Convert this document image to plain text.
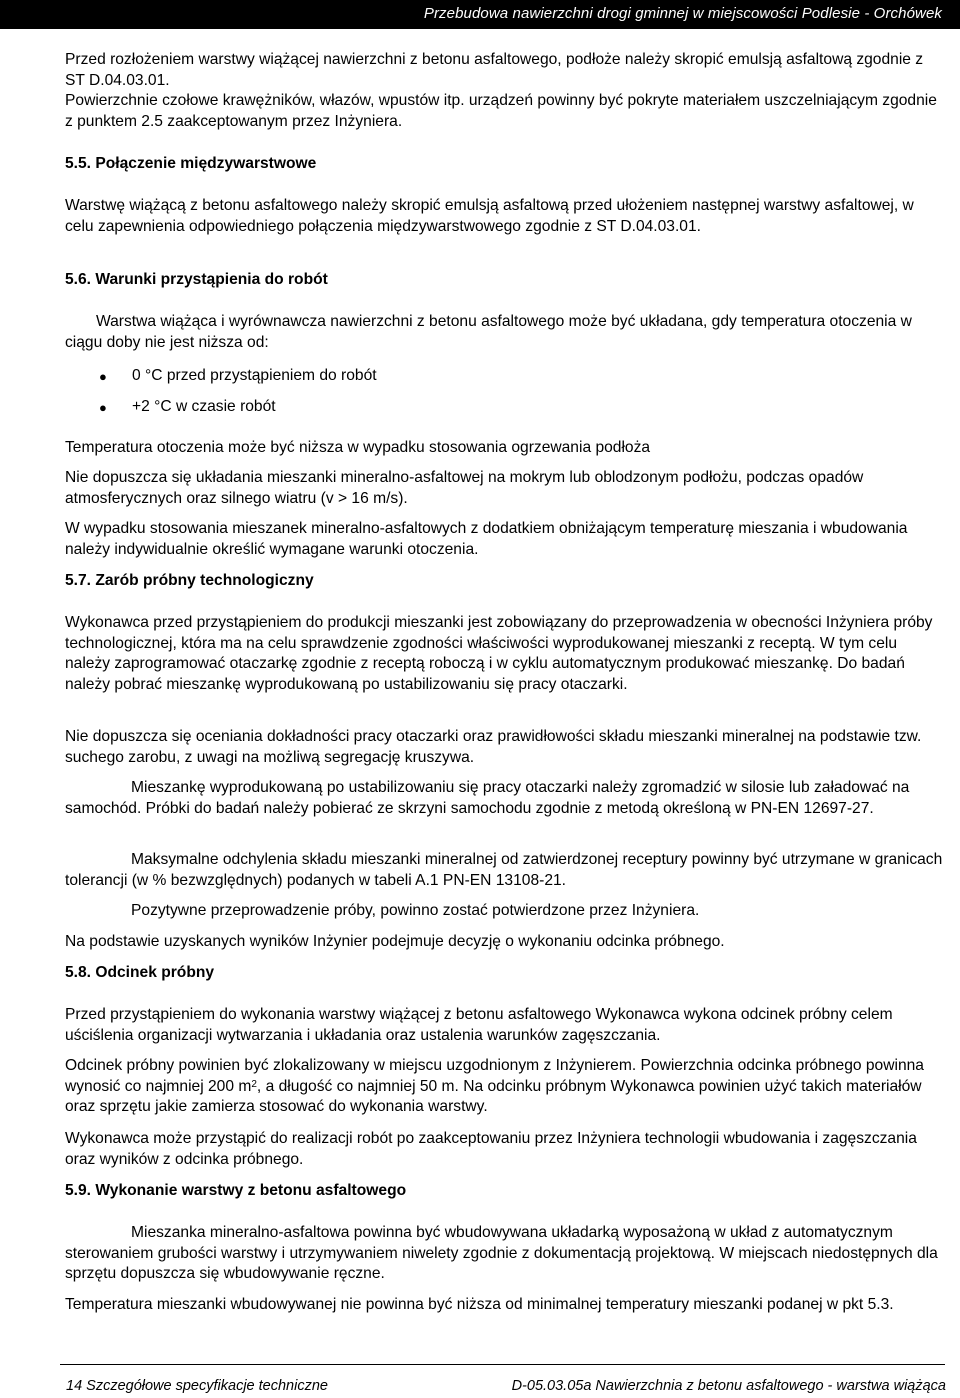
Przebudowa nawierzchni drogi gminnej w miejscowości Podlesie - Orchówek

Przed rozłożeniem warstwy wiążącej nawierzchni z betonu asfaltowego, podłoże należy skropić emulsją asfaltową zgodnie z ST D.04.03.01.

Powierzchnie czołowe krawężników, włazów, wpustów itp. urządzeń powinny być pokryte materiałem uszczelniającym zgodnie z punktem 2.5 zaakceptowanym przez Inżyniera.

5.5. Połączenie międzywarstwowe

Warstwę wiążącą z betonu asfaltowego należy skropić emulsją asfaltową przed ułożeniem następnej warstwy asfaltowej, w celu zapewnienia odpowiedniego połączenia międzywarstwowego zgodnie z ST D.04.03.01.

5.6. Warunki przystąpienia do robót

Warstwa wiążąca i wyrównawcza nawierzchni z betonu asfaltowego może być układana, gdy temperatura otoczenia w ciągu doby nie jest niższa od:

● 0 °C przed przystąpieniem do robót
● +2 °C w czasie robót

Temperatura otoczenia może być niższa w wypadku stosowania ogrzewania podłoża

Nie dopuszcza się układania mieszanki mineralno-asfaltowej na mokrym lub oblodzonym podłożu, podczas opadów atmosferycznych oraz silnego wiatru (v > 16 m/s).

W wypadku stosowania mieszanek mineralno-asfaltowych z dodatkiem obniżającym temperaturę mieszania i wbudowania należy indywidualnie określić wymagane warunki otoczenia.

5.7. Zarób próbny technologiczny

Wykonawca przed przystąpieniem do produkcji mieszanki jest zobowiązany do przeprowadzenia w obecności Inżyniera próby technologicznej, która ma na celu sprawdzenie zgodności właściwości wyprodukowanej mieszanki z receptą. W tym celu należy zaprogramować otaczarkę zgodnie z receptą roboczą i w cyklu automatycznym produkować mieszankę. Do badań należy pobrać mieszankę wyprodukowaną po ustabilizowaniu się pracy otaczarki.

Nie dopuszcza się oceniania dokładności pracy otaczarki oraz prawidłowości składu mieszanki mineralnej na podstawie tzw. suchego zarobu, z uwagi na możliwą segregację kruszywa.

Mieszankę wyprodukowaną po ustabilizowaniu się pracy otaczarki należy zgromadzić w silosie lub załadować na samochód. Próbki do badań należy pobierać ze skrzyni samochodu zgodnie z metodą określoną w PN-EN 12697-27.

Maksymalne odchylenia składu mieszanki mineralnej od zatwierdzonej receptury powinny być utrzymane w granicach tolerancji (w % bezwzględnych) podanych w tabeli A.1 PN-EN 13108-21.

Pozytywne przeprowadzenie próby, powinno zostać potwierdzone przez Inżyniera.

Na podstawie uzyskanych wyników Inżynier podejmuje decyzję o wykonaniu odcinka próbnego.

5.8. Odcinek próbny

Przed przystąpieniem do wykonania warstwy wiążącej z betonu asfaltowego Wykonawca wykona odcinek próbny celem uściślenia organizacji wytwarzania i układania oraz ustalenia warunków zagęszczania.

Odcinek próbny powinien być zlokalizowany w miejscu uzgodnionym z Inżynierem. Powierzchnia odcinka próbnego powinna wynosić co najmniej 200 $m^2$, a długość co najmniej 50 m. Na odcinku próbnym Wykonawca powinien użyć takich materiałów oraz sprzętu jakie zamierza stosować do wykonania warstwy.

Wykonawca może przystąpić do realizacji robót po zaakceptowaniu przez Inżyniera technologii wbudowania i zagęszczania oraz wyników z odcinka próbnego.

5.9. Wykonanie warstwy z betonu asfaltowego

Mieszanka mineralno-asfaltowa powinna być wbudowywana układarką wyposażoną w układ z automatycznym sterowaniem grubości warstwy i utrzymywaniem niwelety zgodnie z dokumentacją projektową. W miejscach niedostępnych dla sprzętu dopuszcza się wbudowywanie ręczne.

Temperatura mieszanki wbudowywanej nie powinna być niższa od minimalnej temperatury mieszanki podanej w pkt 5.3.

14 Szczegółowe specyfikacje techniczne	D-05.03.05a Nawierzchnia z betonu asfaltowego - warstwa wiążąca
